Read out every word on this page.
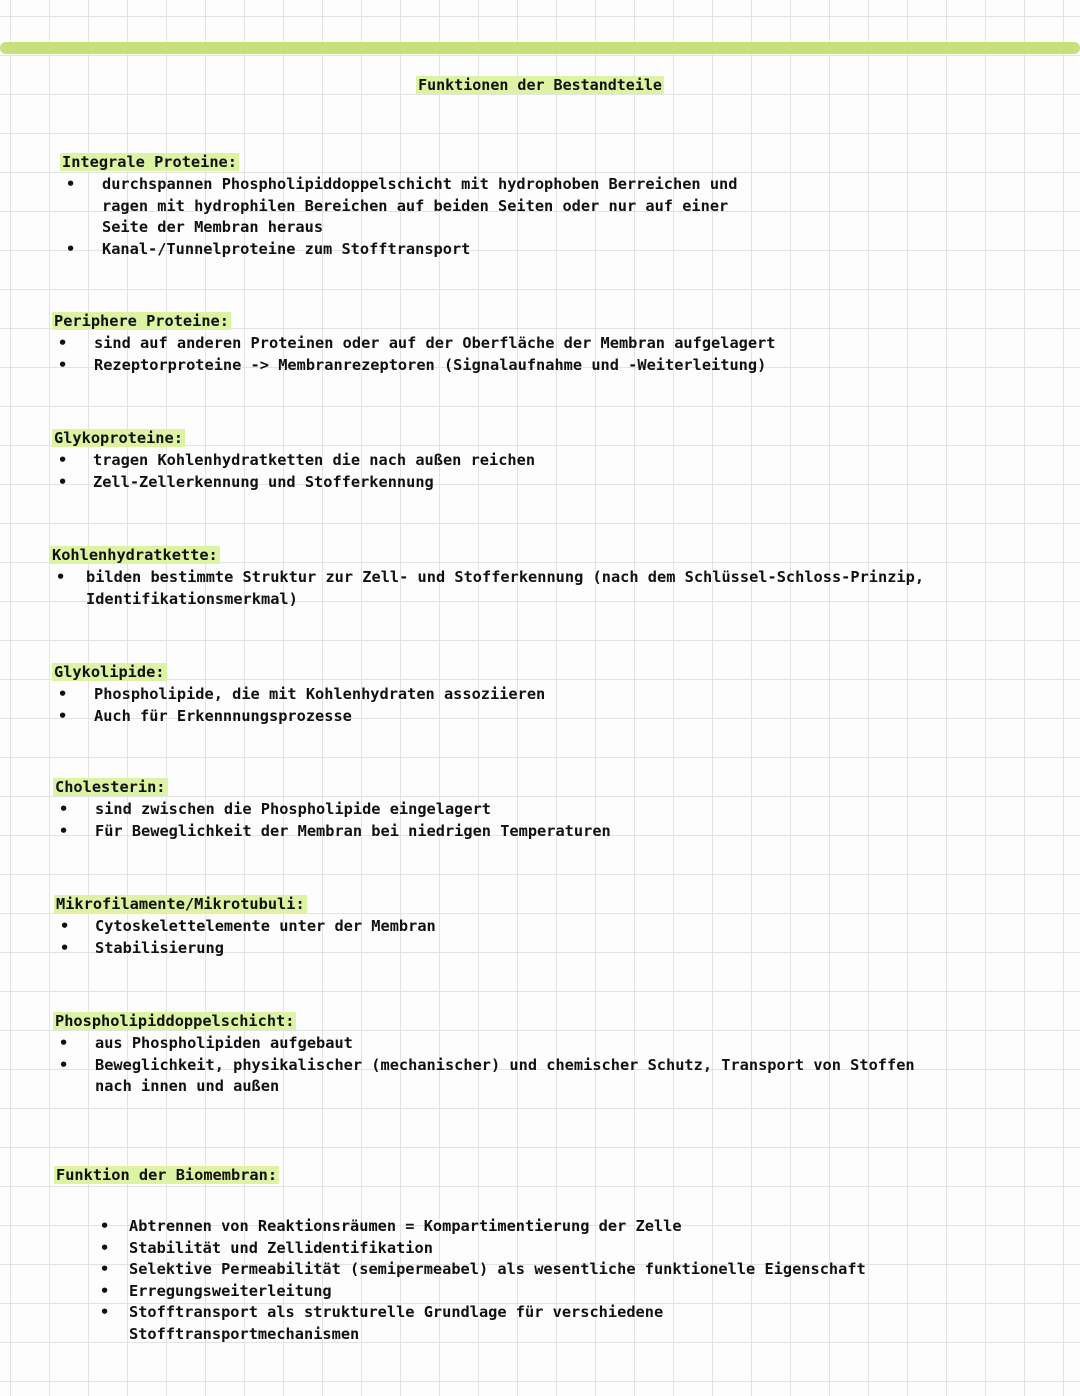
Funktionen der Bestandteile
Integrale Proteine:
• durchspannen Phospholipiddoppelschicht mit hydrophoben Berreichen und
ragen mit hydrophilen Bereichen auf beiden Seiten oder nur auf einer
Seite der Membran heraus
• Kanal-/Tunnelproteine zum Stofftransport
Periphere Proteine:
• sind auf anderen Proteinen oder auf der Oberfläche der Membran aufgelagert
• Rezeptorproteine -> Membranrezeptoren (Signalaufnahme und -Weiterleitung)
Glykoproteine:
• tragen Kohlenhydratketten die nach außen reichen
• Zell-Zellerkennung und Stofferkennung
Kohlenhydratkette:
• bilden bestimmte Struktur zur Zell- und Stofferkennung (nach dem Schlüssel-Schloss-Prinzip,
Identifikationsmerkmal)
Glykolipide:
• Phospholipide, die mit Kohlenhydraten assoziieren
• Auch für Erkennnungsprozesse
Cholesterin:
• sind zwischen die Phospholipide eingelagert
• Für Beweglichkeit der Membran bei niedrigen Temperaturen
Mikrofilamente/Mikrotubuli:
• Cytoskelettelemente unter der Membran
• Stabilisierung
Phospholipiddoppelschicht:
• aus Phospholipiden aufgebaut
• Beweglichkeit, physikalischer (mechanischer) und chemischer Schutz, Transport von Stoffen
nach innen und außen
Funktion der Biomembran:
• Abtrennen von Reaktionsräumen = Kompartimentierung der Zelle
• Stabilität und Zellidentifikation
• Selektive Permeabilität (semipermeabel) als wesentliche funktionelle Eigenschaft
• Erregungsweiterleitung
• Stofftransport als strukturelle Grundlage für verschiedene
Stofftransportmechanismen
